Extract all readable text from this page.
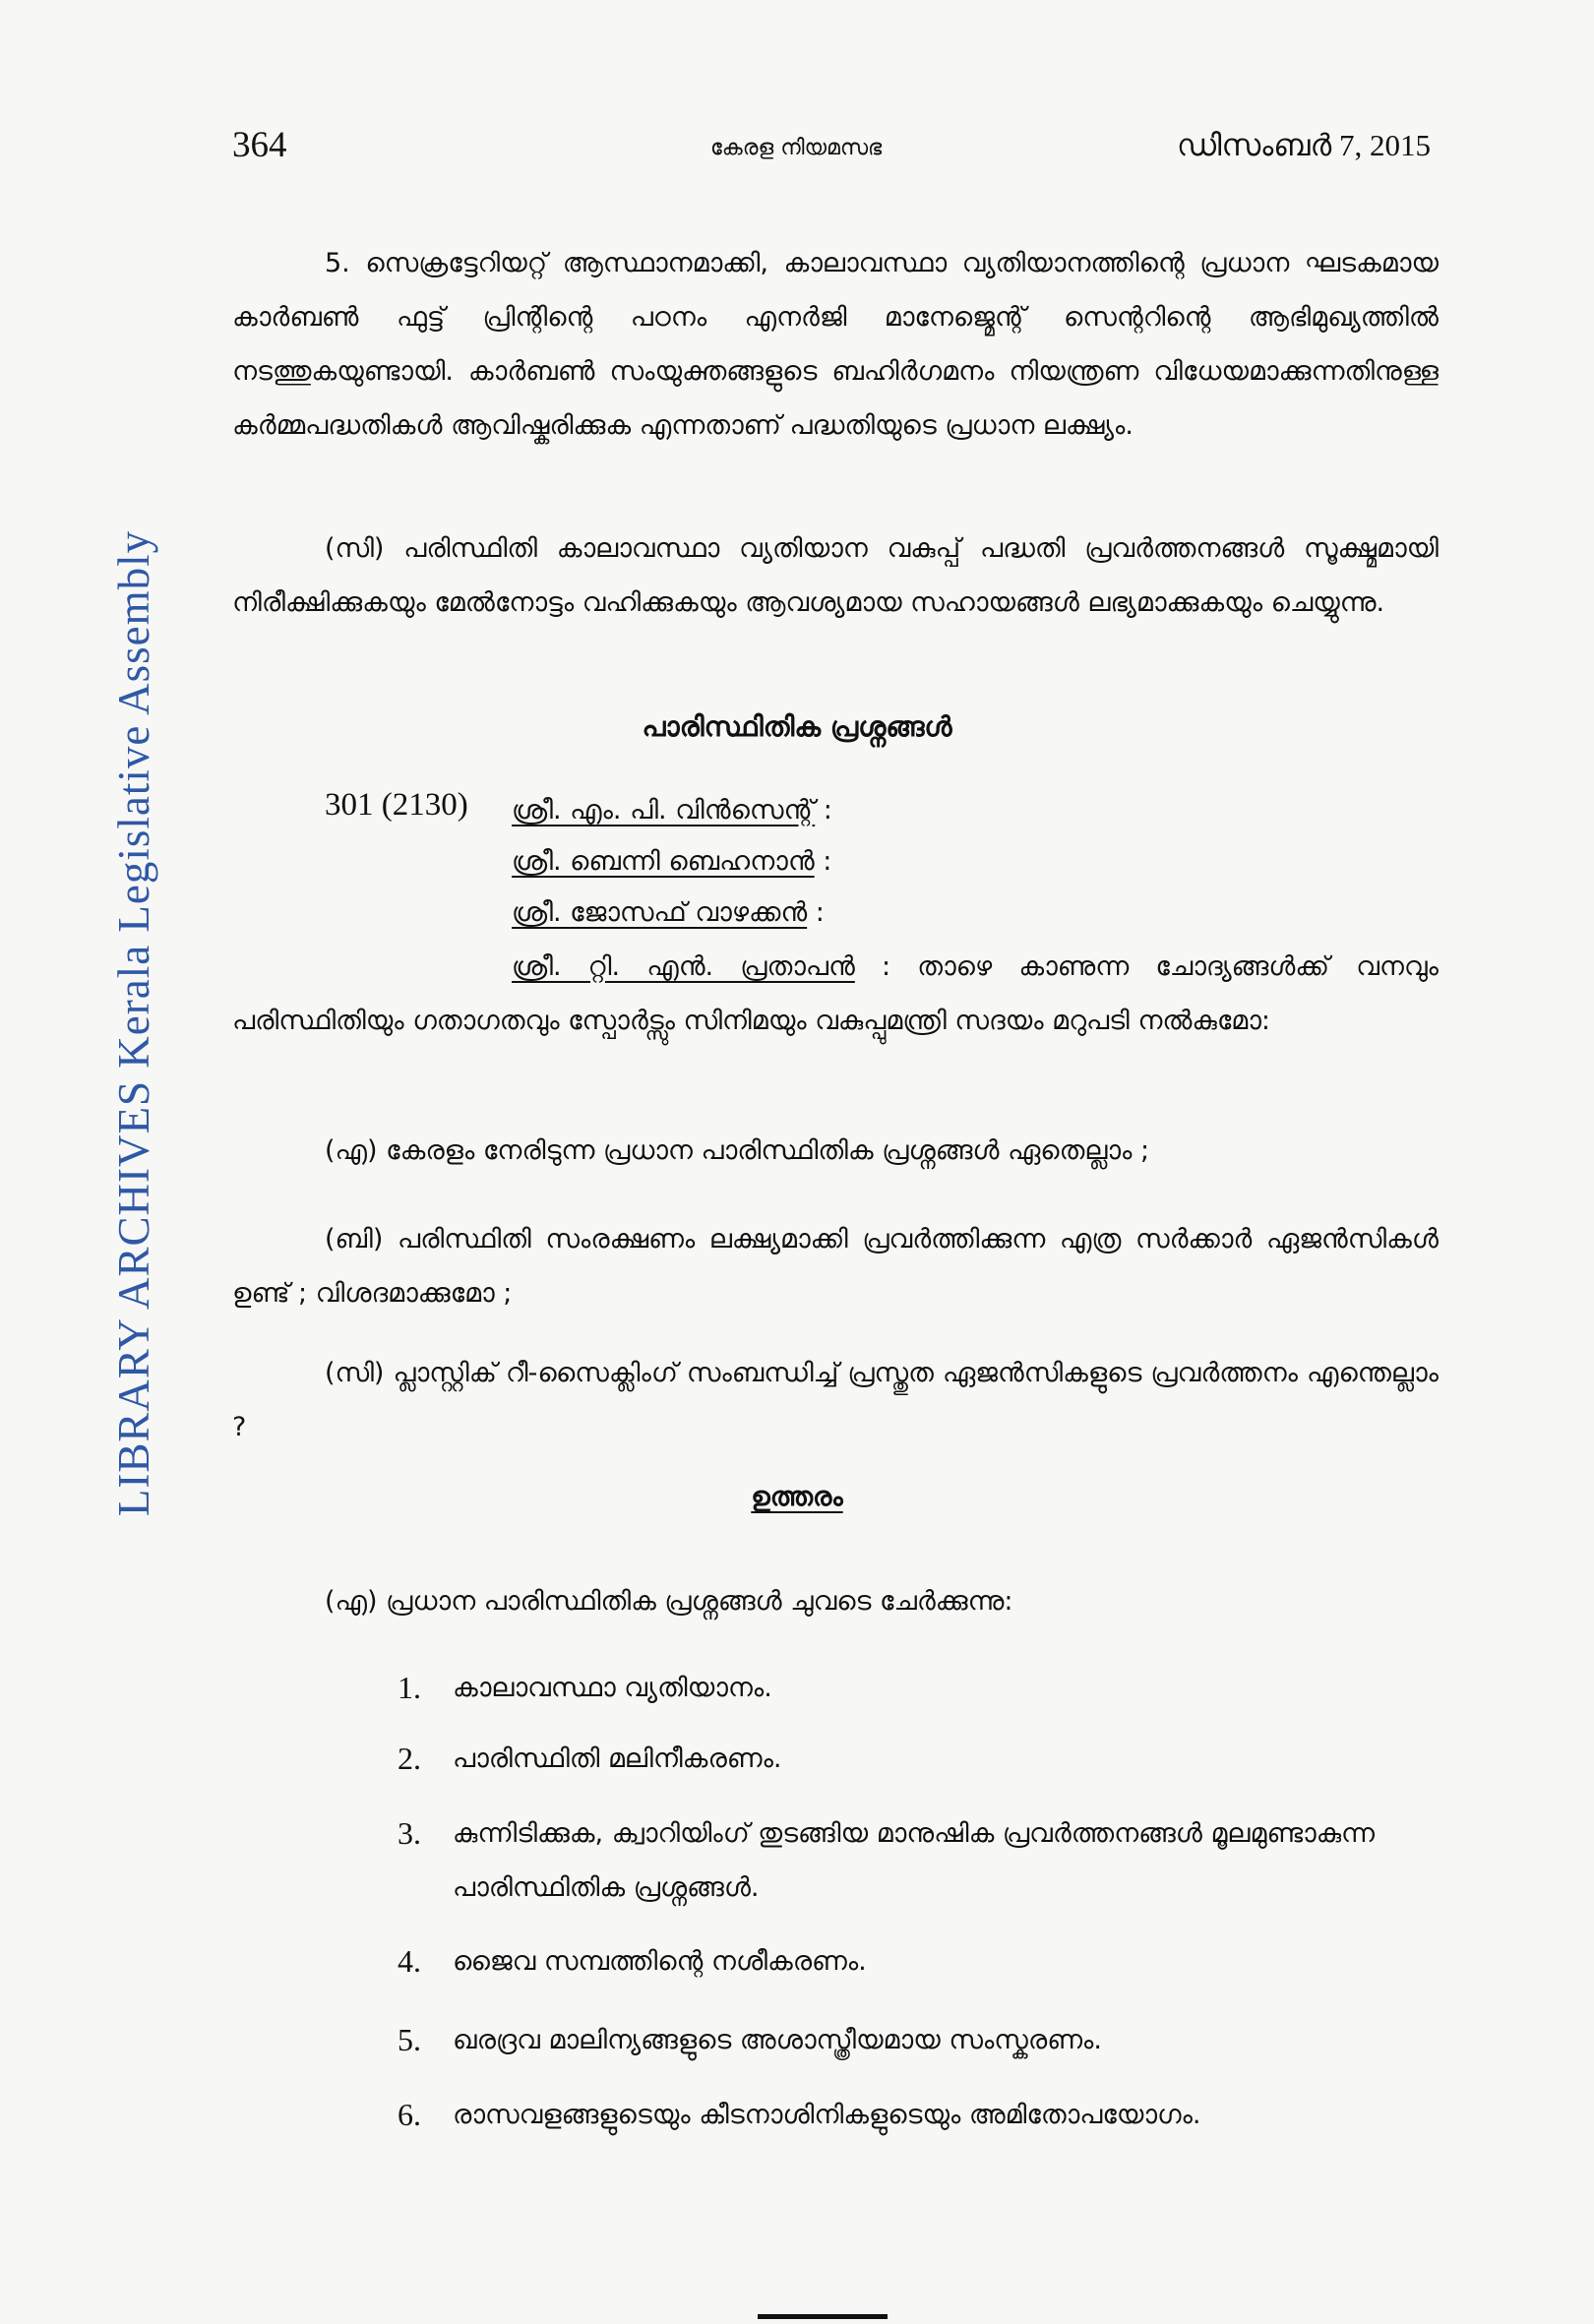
LIBRARY ARCHIVES Kerala Legislative Assembly
364	കേരള നിയമസഭ	ഡിസംബർ 7, 2015
5. സെക്രട്ടേറിയറ്റ് ആസ്ഥാനമാക്കി, കാലാവസ്ഥാ വ്യതിയാനത്തിന്റെ പ്രധാന ഘടകമായ കാർബൺ ഫുട്ട് പ്രിന്റിന്റെ പഠനം എനർജി മാനേജ്മെന്റ് സെന്ററിന്റെ ആഭിമുഖ്യത്തിൽ നടത്തുകയുണ്ടായി. കാർബൺ സംയുക്തങ്ങളുടെ ബഹിർഗമനം നിയന്ത്രണ വിധേയമാക്കുന്നതിനുള്ള കർമ്മപദ്ധതികൾ ആവിഷ്കരിക്കുക എന്നതാണ് പദ്ധതിയുടെ പ്രധാന ലക്ഷ്യം.
(സി) പരിസ്ഥിതി കാലാവസ്ഥാ വ്യതിയാന വകുപ്പ് പദ്ധതി പ്രവർത്തനങ്ങൾ സൂക്ഷ്മമായി നിരീക്ഷിക്കുകയും മേൽനോട്ടം വഹിക്കുകയും ആവശ്യമായ സഹായങ്ങൾ ലഭ്യമാക്കുകയും ചെയ്യുന്നു.
പാരിസ്ഥിതിക പ്രശ്നങ്ങൾ
301 (2130) ശ്രീ. എം. പി. വിൻസെന്റ് :
ശ്രീ. ബെന്നി ബെഹനാൻ :
ശ്രീ. ജോസഫ് വാഴക്കൻ :
ശ്രീ. റ്റി. എൻ. പ്രതാപൻ : താഴെ കാണുന്ന ചോദ്യങ്ങൾക്ക് വനവും പരിസ്ഥിതിയും ഗതാഗതവും സ്പോർട്സും സിനിമയും വകുപ്പുമന്ത്രി സദയം മറുപടി നൽകുമോ:
(എ) കേരളം നേരിടുന്ന പ്രധാന പാരിസ്ഥിതിക പ്രശ്നങ്ങൾ ഏതെല്ലാം ;
(ബി) പരിസ്ഥിതി സംരക്ഷണം ലക്ഷ്യമാക്കി പ്രവർത്തിക്കുന്ന എത്ര സർക്കാർ ഏജൻസികൾ ഉണ്ട് ; വിശദമാക്കുമോ ;
(സി) പ്ലാസ്റ്റിക് റീ-സൈക്ലിംഗ് സംബന്ധിച്ച് പ്രസ്തുത ഏജൻസികളുടെ പ്രവർത്തനം എന്തെല്ലാം ?
ഉത്തരം
(എ) പ്രധാന പാരിസ്ഥിതിക പ്രശ്നങ്ങൾ ചുവടെ ചേർക്കുന്നു:
1. കാലാവസ്ഥാ വ്യതിയാനം.
2. പാരിസ്ഥിതി മലിനീകരണം.
3. കുന്നിടിക്കുക, ക്വാറിയിംഗ് തുടങ്ങിയ മാനുഷിക പ്രവർത്തനങ്ങൾ മൂലമുണ്ടാകുന്ന പാരിസ്ഥിതിക പ്രശ്നങ്ങൾ.
4. ജൈവ സമ്പത്തിന്റെ നശീകരണം.
5. ഖരദ്രവ മാലിന്യങ്ങളുടെ അശാസ്ത്രീയമായ സംസ്കരണം.
6. രാസവളങ്ങളുടെയും കീടനാശിനികളുടെയും അമിതോപയോഗം.
